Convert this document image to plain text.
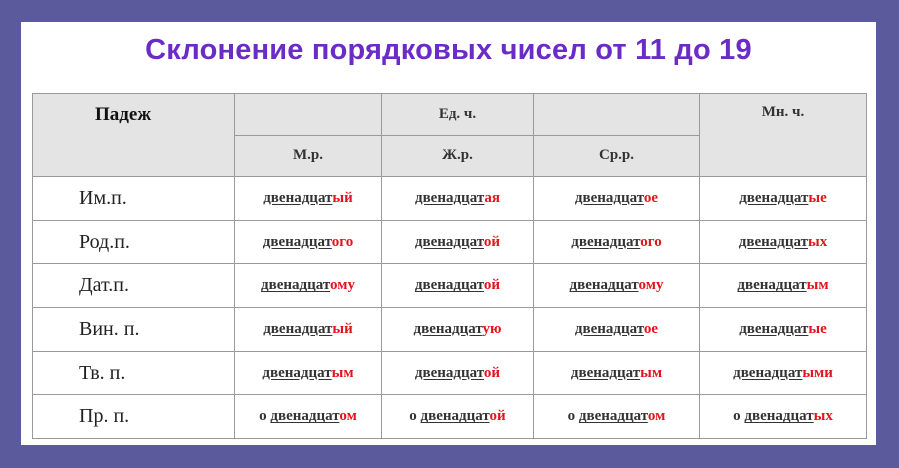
Склонение порядковых чисел от 11 до 19
Падеж		Ед. ч.		Мн. ч.
	М.р.	Ж.р.	Ср.р.	
Им.п.	двенадцатый	двенадцатая	двенадцатое	двенадцатые
Род.п.	двенадцатого	двенадцатой	двенадцатого	двенадцатых
Дат.п.	двенадцатому	двенадцатой	двенадцатому	двенадцатым
Вин. п.	двенадцатый	двенадцатую	двенадцатое	двенадцатые
Тв. п.	двенадцатым	двенадцатой	двенадцатым	двенадцатыми
Пр. п.	о двенадцатом	о двенадцатой	о двенадцатом	о двенадцатых
